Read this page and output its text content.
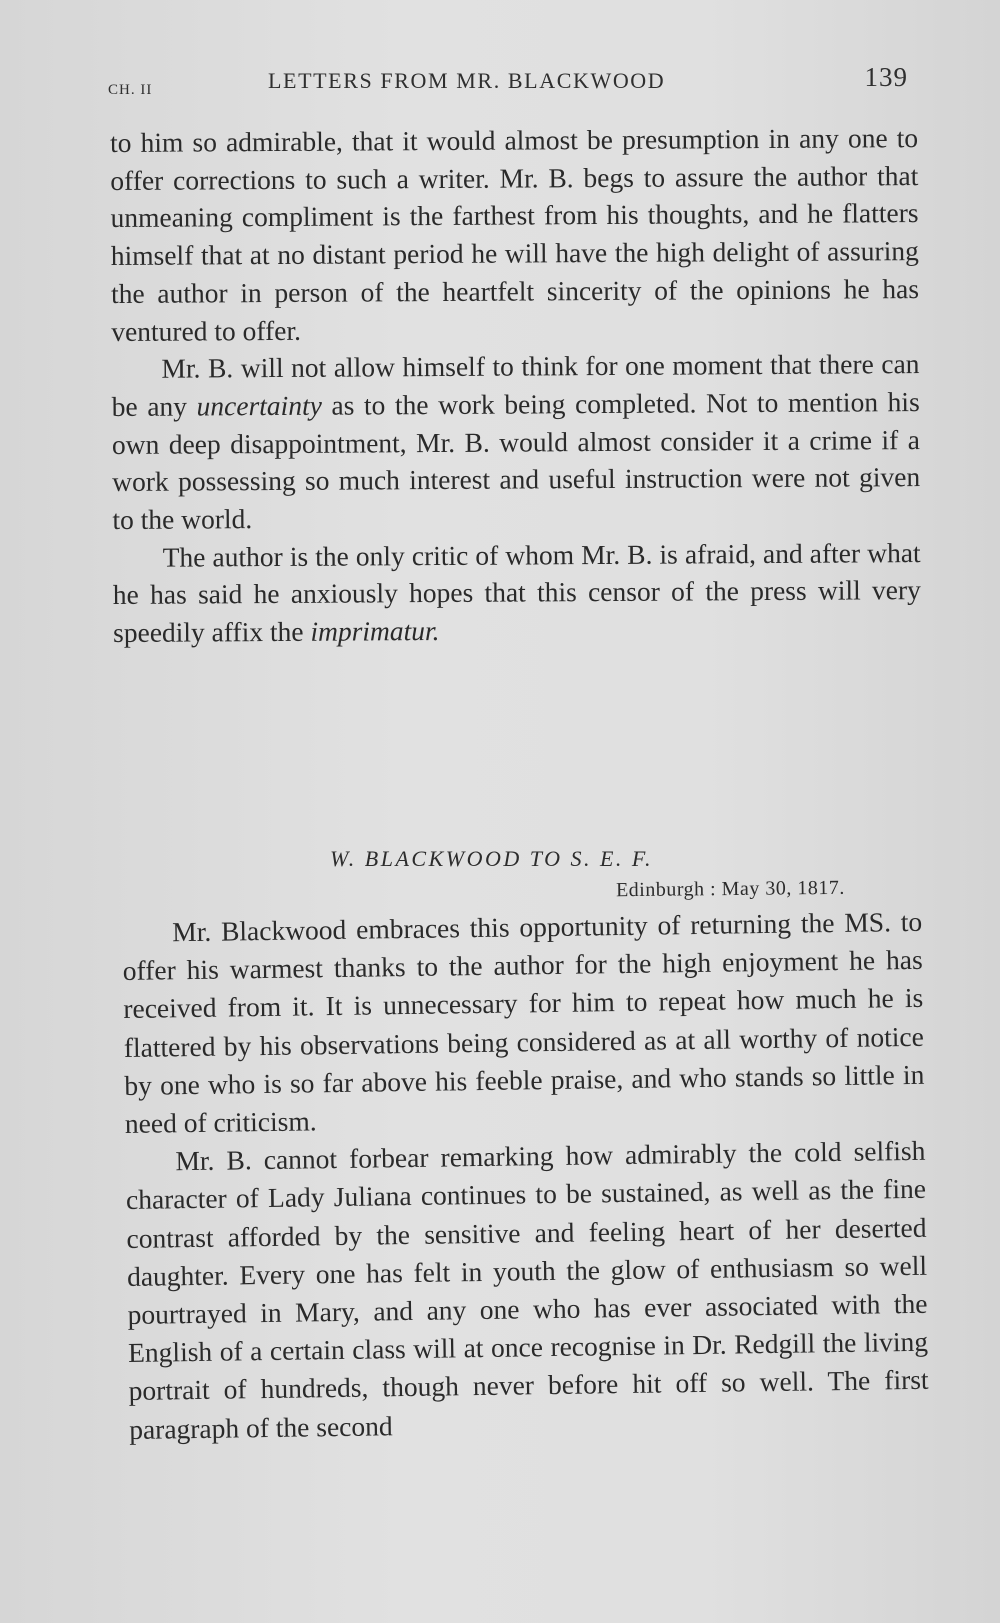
CH. II	LETTERS FROM MR. BLACKWOOD	139

to him so admirable, that it would almost be presumption in any one to offer corrections to such a writer. Mr. B. begs to assure the author that unmeaning compliment is the farthest from his thoughts, and he flatters himself that at no distant period he will have the high delight of assuring the author in person of the heartfelt sincerity of the opinions he has ventured to offer.

Mr. B. will not allow himself to think for one moment that there can be any uncertainty as to the work being completed. Not to mention his own deep disappointment, Mr. B. would almost consider it a crime if a work possessing so much interest and useful instruction were not given to the world.

The author is the only critic of whom Mr. B. is afraid, and after what he has said he anxiously hopes that this censor of the press will very speedily affix the imprimatur.

W. BLACKWOOD TO S. E. F.
Edinburgh : May 30, 1817.

Mr. Blackwood embraces this opportunity of returning the MS. to offer his warmest thanks to the author for the high enjoyment he has received from it. It is unnecessary for him to repeat how much he is flattered by his observations being considered as at all worthy of notice by one who is so far above his feeble praise, and who stands so little in need of criticism.

Mr. B. cannot forbear remarking how admirably the cold selfish character of Lady Juliana continues to be sustained, as well as the fine contrast afforded by the sensitive and feeling heart of her deserted daughter. Every one has felt in youth the glow of enthusiasm so well pourtrayed in Mary, and any one who has ever associated with the English of a certain class will at once recognise in Dr. Redgill the living portrait of hundreds, though never before hit off so well. The first paragraph of the second
